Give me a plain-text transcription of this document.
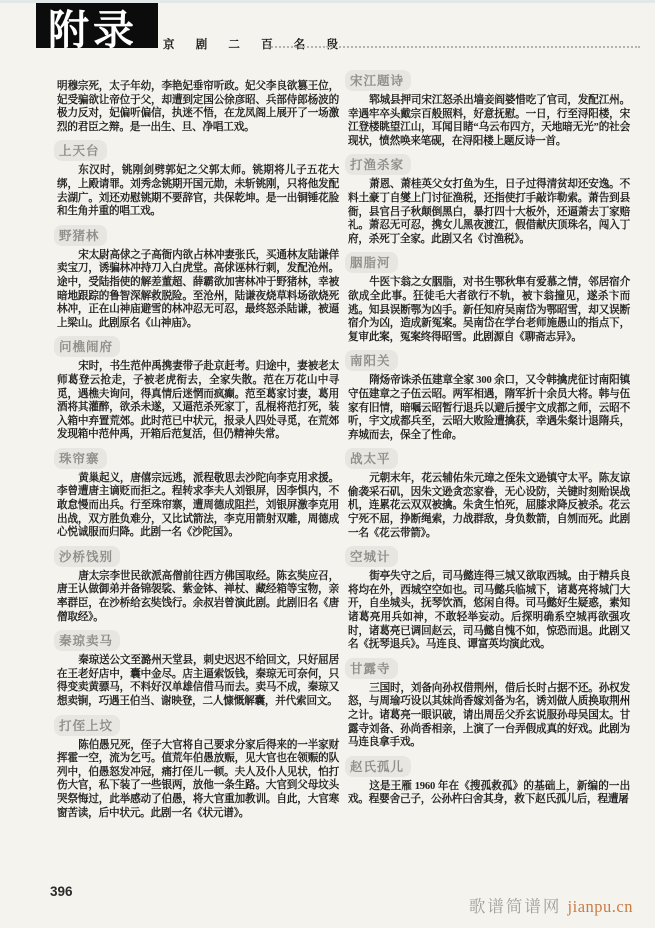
附录	京 剧 二 百 名 段

明穆宗死，太子年幼，李艳妃垂帘听政。妃父李良欲篡王位，妃受骗欲让帝位于父，却遭到定国公徐彦昭、兵部侍郎杨波的极力反对，妃偏听偏信，执迷不悟，在龙凤阁上展开了一场激烈的君臣之辩。是一出生、旦、净唱工戏。

上天台

东汉时，铫刚剑劈郭妃之父郭太师。铫期将儿子五花大绑，上殿请罪。刘秀念铫期开国元勋，未斩铫刚，只将他发配去湖广。刘还劝慰铫期不要辞官，共保乾坤。是一出铜锤花脸和生角并重的唱工戏。

野猪林

宋太尉高俅之子高衙内欲占林冲妻张氏，买通林友陆谦佯卖宝刀，诱骗林冲持刀入白虎堂。高俅诬林行刺，发配沧州。途中，受陆指使的解差董超、薛霸欲加害林冲于野猪林，幸被暗地跟踪的鲁智深解救脱险。至沧州，陆谦夜烧草料场欲烧死林冲，正在山神庙避雪的林冲忍无可忍，最终怒杀陆谦，被逼上梁山。此剧原名《山神庙》。

问樵闹府

宋时，书生范仲禹携妻带子赴京赶考。归途中，妻被老太师葛登云抢走，子被老虎衔去，全家失散。范在万花山中寻觅，遇樵夫询问，得真情后迷惘而疯癫。范至葛家讨妻，葛用酒将其灌醉，欲杀未遂，又逼范杀死家丁，乱棍将范打死，装入箱中弃置荒郊。此时范已中状元，报录人四处寻觅，在荒郊发现箱中范仲禹，开箱后范复活，但仍精神失常。

珠帘寨

黄巢起义，唐僖宗远逃，派程敬思去沙陀向李克用求援。李曾遭唐主谪贬而拒之。程转求李夫人刘银屏，因李惧内，不敢怠慢而出兵。行至珠帘寨，遭周德成阻拦，刘银屏激李克用出战，双方胜负难分，又比试箭法，李克用箭射双雕，周德成心悦诚服而归降。此剧一名《沙陀国》。

沙桥饯别

唐太宗李世民欲派高僧前往西方佛国取经。陈玄奘应召，唐王认做御弟并备锦袈裟、紫金钵、禅杖、藏经箱等宝物，亲率群臣，在沙桥给玄奘饯行。余叔岩曾演此剧。此剧旧名《唐僧取经》。

秦琼卖马

秦琼送公文至潞州天堂县，刺史迟迟不给回文，只好屈居在王老好店中，囊中金尽。店主逼索饭钱，秦琼无可奈何，只得变卖黄骠马，不料好汉单雄信借马而去。卖马不成，秦琼又想卖锏，巧遇王伯当、谢映登，二人慷慨解囊，并代索回文。

打侄上坟

陈伯愚兄死，侄子大官将自己要求分家后得来的一半家财挥霍一空，流为乞丐。值荒年伯愚放赈，见大官也在领赈的队列中，伯愚怒发冲冠，痛打侄儿一顿。夫人及仆人见状，怕打伤大官，私下装了一些银两，放他一条生路。大官到父母坟头哭祭悔过，此举感动了伯愚，将大官重加教训。自此，大官寒窗苦读，后中状元。此剧一名《状元谱》。

宋江题诗

郓城县押司宋江怒杀出墙妾阎婆惜吃了官司，发配江州。幸遇牢卒头戴宗百般照料，好意抚慰。一日，行至浔阳楼，宋江登楼眺望江山，耳闻目睹“乌云布四方，天地暗无光”的社会现状，愤然唤来笔砚，在浔阳楼上题反诗一首。

打渔杀家

萧恩、萧桂英父女打鱼为生，日子过得清贫却还安逸。不料土豪丁自燮上门讨征渔税，还指使打手敲诈勒索。萧告到县衙，县官吕子秋颠倒黑白，暴打四十大板外，还逼萧去丁家赔礼。萧忍无可忍，携女儿黑夜渡江，假借献庆顶珠名，闯入丁府，杀死丁全家。此剧又名《讨渔税》。

胭脂河

牛医卞翁之女胭脂，对书生鄂秋隼有爱慕之情，邻居宿介欲成全此事。狂徒毛大者欲行不轨，被卞翁撞见，遂杀卞而逃。知县误断鄂为凶手。新任知府吴南岱为鄂昭雪，却又误断宿介为凶，造成新冤案。吴南岱在学台老师施愚山的指点下，复审此案，冤案终得昭雪。此剧源自《聊斋志异》。

南阳关

隋炀帝诛杀伍建章全家 300 余口，又令韩擒虎征讨南阳镇守伍建章之子伍云昭。两军相遇，隋军折十余员大将。韩与伍家有旧情，暗嘱云昭暂行退兵以避后援宇文成都之师，云昭不听，宇文成都兵至，云昭大败险遭擒获，幸遇朱粲计退隋兵，弃城而去，保全了性命。

战太平

元朝末年，花云辅佑朱元璋之侄朱文逊镇守太平。陈友谅偷袭采石矶，因朱文逊贪恋家眷，无心设防，关键时刻贻误战机，连累花云双双被擒。朱贪生怕死，屈膝求降反被杀。花云宁死不屈，挣断绳索，力战群敌，身负数箭，自刎而死。此剧一名《花云带箭》。

空城计

街亭失守之后，司马懿连得三城又欲取西城。由于精兵良将均在外，西城空空如也。司马懿兵临城下，诸葛亮将城门大开，自坐城头，抚琴饮酒，悠闲自得。司马懿好生疑惑，素知诸葛亮用兵如神，不敢轻举妄动。后探明确系空城再欲强攻时，诸葛亮已调回赵云，司马懿自愧不如，惊恐而退。此剧又名《抚琴退兵》。马连良、谭富英均演此戏。

甘露寺

三国时，刘备向孙权借荆州，借后长时占据不还。孙权发怒，与周瑜巧设以其妹尚香嫁刘备为名，诱刘做人质换取荆州之计。诸葛亮一眼识破，请出周岳父乔玄说服孙母吴国太。甘露寺刘备、孙尚香相亲，上演了一台弄假成真的好戏。此剧为马连良拿手戏。

赵氏孤儿

这是王雁 1960 年在《搜孤救孤》的基础上，新编的一出戏。程婴舍己子，公孙杵臼舍其身，救下赵氏孤儿后，程遭屠

396
歌谱简谱网 jianpu.cn
